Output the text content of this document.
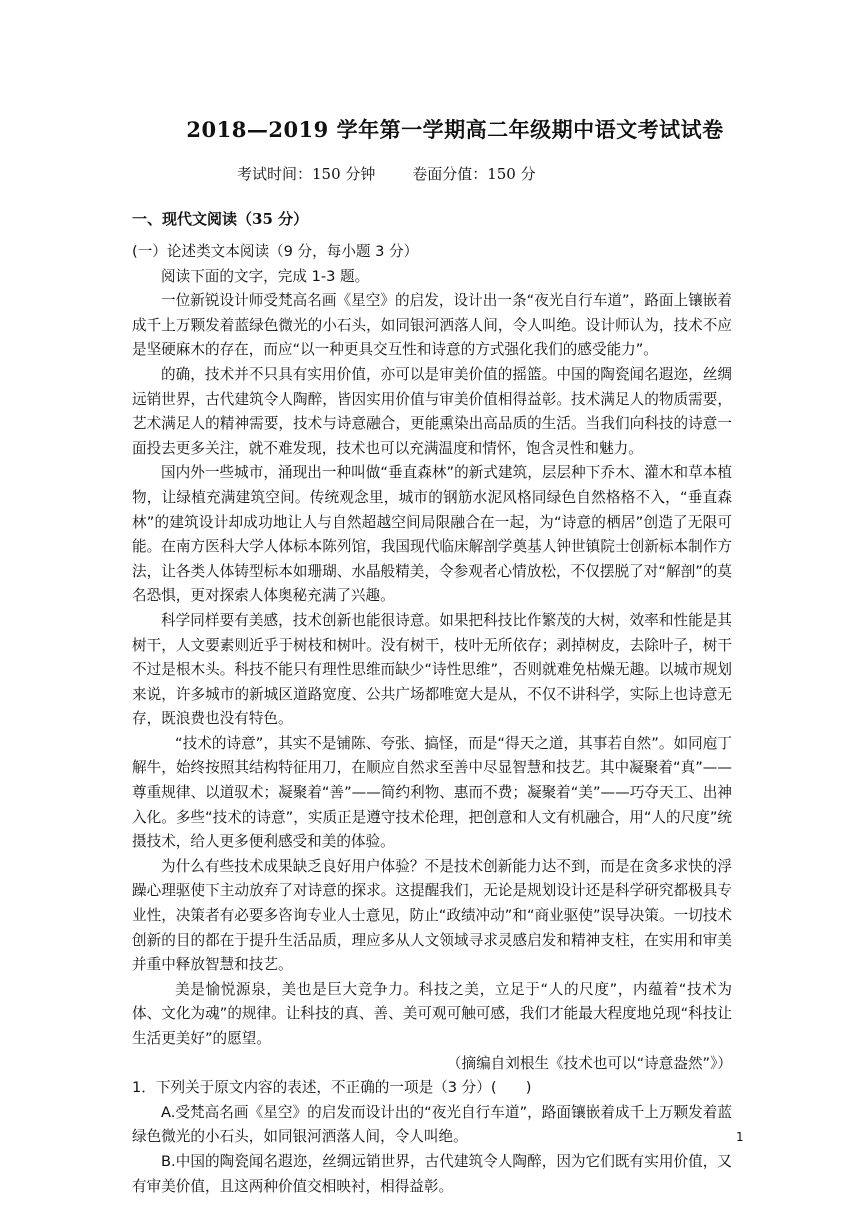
2018—2019 学年第一学期高二年级期中语文考试试卷
考试时间：150 分钟 卷面分值：150 分
一、现代文阅读（35 分）

(一）论述类文本阅读（9 分，每小题 3 分）

阅读下面的文字，完成 1-3 题。

一位新锐设计师受梵高名画《星空》的启发，设计出一条“夜光自行车道”，路面上镶嵌着成千上万颗发着蓝绿色微光的小石头，如同银河洒落人间，令人叫绝。设计师认为，技术不应是坚硬麻木的存在，而应“以一种更具交互性和诗意的方式强化我们的感受能力”。

的确，技术并不只具有实用价值，亦可以是审美价值的摇篮。中国的陶瓷闻名遐迩，丝绸远销世界，古代建筑令人陶醉，皆因实用价值与审美价值相得益彰。技术满足人的物质需要，艺术满足人的精神需要，技术与诗意融合，更能熏染出高品质的生活。当我们向科技的诗意一面投去更多关注，就不难发现，技术也可以充满温度和情怀，饱含灵性和魅力。

国内外一些城市，涌现出一种叫做“垂直森林”的新式建筑，层层种下乔木、灌木和草本植物，让绿植充满建筑空间。传统观念里，城市的钢筋水泥风格同绿色自然格格不入，“垂直森林”的建筑设计却成功地让人与自然超越空间局限融合在一起，为“诗意的栖居”创造了无限可能。在南方医科大学人体标本陈列馆，我国现代临床解剖学奠基人钟世镇院士创新标本制作方法，让各类人体铸型标本如珊瑚、水晶般精美，令参观者心情放松，不仅摆脱了对“解剖”的莫名恐惧，更对探索人体奥秘充满了兴趣。

科学同样要有美感，技术创新也能很诗意。如果把科技比作繁茂的大树，效率和性能是其树干，人文要素则近乎于树枝和树叶。没有树干，枝叶无所依存；剥掉树皮，去除叶子，树干不过是根木头。科技不能只有理性思维而缺少“诗性思维”，否则就难免枯燥无趣。以城市规划来说，许多城市的新城区道路宽度、公共广场都唯宽大是从，不仅不讲科学，实际上也诗意无存，既浪费也没有特色。

“技术的诗意”，其实不是铺陈、夸张、搞怪，而是“得天之道，其事若自然”。如同庖丁解牛，始终按照其结构特征用刀，在顺应自然求至善中尽显智慧和技艺。其中凝聚着“真”——尊重规律、以道驭术；凝聚着“善”——简约利物、惠而不费；凝聚着“美”——巧夺天工、出神入化。多些“技术的诗意”，实质正是遵守技术伦理，把创意和人文有机融合，用“人的尺度”统摄技术，给人更多便利感受和美的体验。

为什么有些技术成果缺乏良好用户体验？不是技术创新能力达不到，而是在贪多求快的浮躁心理驱使下主动放弃了对诗意的探求。这提醒我们，无论是规划设计还是科学研究都极具专业性，决策者有必要多咨询专业人士意见，防止“政绩冲动”和“商业驱使”误导决策。一切技术创新的目的都在于提升生活品质，理应多从人文领域寻求灵感启发和精神支柱，在实用和审美并重中释放智慧和技艺。

美是愉悦源泉，美也是巨大竞争力。科技之美，立足于“人的尺度”，内蕴着“技术为体、文化为魂”的规律。让科技的真、善、美可观可触可感，我们才能最大程度地兑现“科技让生活更美好”的愿望。

（摘编自刘根生《技术也可以“诗意盎然”》）

1．下列关于原文内容的表述，不正确的一项是（3 分）(　　)

A.受梵高名画《星空》的启发而设计出的“夜光自行车道”，路面镶嵌着成千上万颗发着蓝绿色微光的小石头，如同银河洒落人间，令人叫绝。

B.中国的陶瓷闻名遐迩，丝绸远销世界，古代建筑令人陶醉，因为它们既有实用价值，又有审美价值，且这两种价值交相映衬，相得益彰。

1
